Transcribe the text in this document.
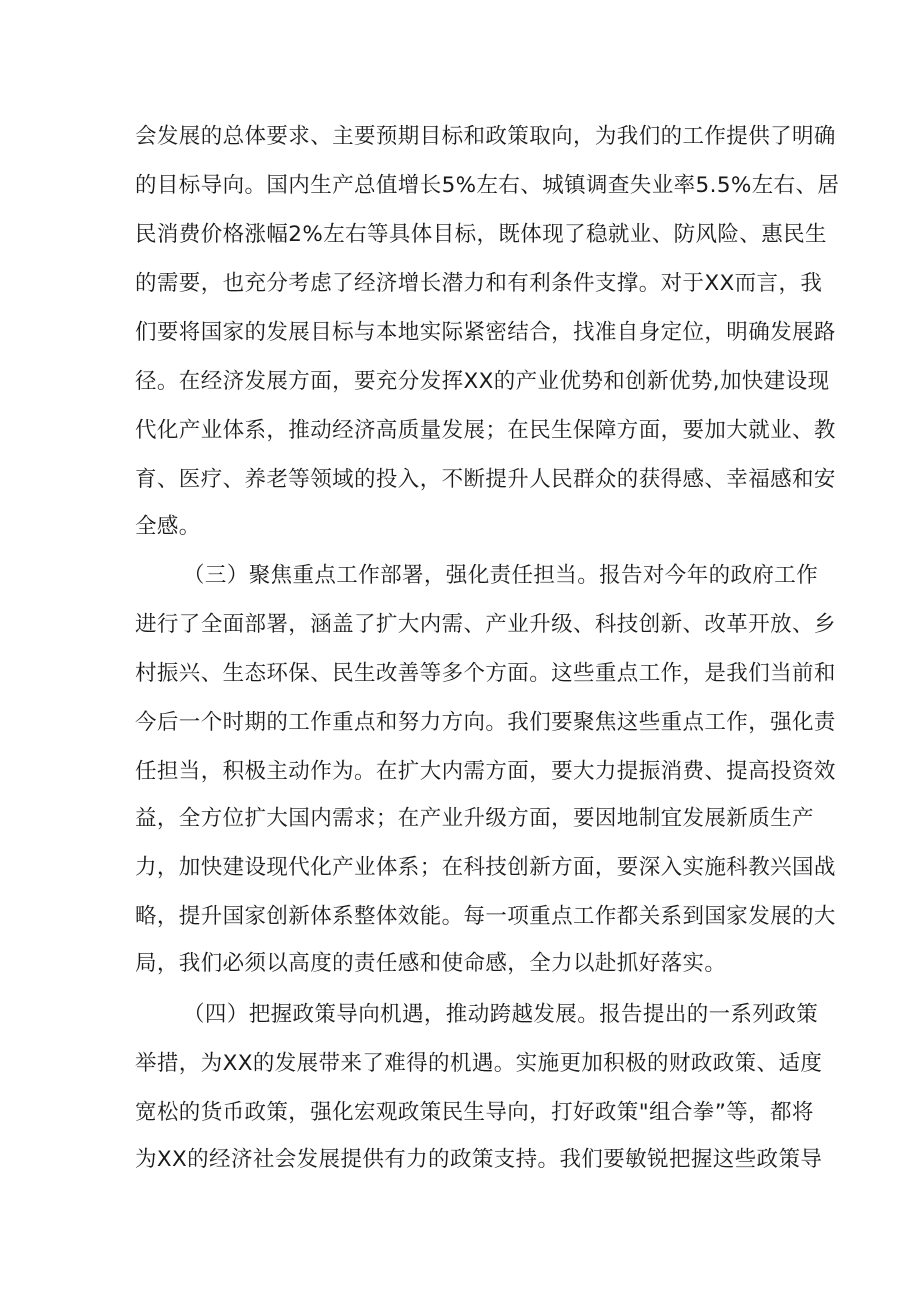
会发展的总体要求、主要预期目标和政策取向，为我们的工作提供了明确
的目标导向。国内生产总值增长5%左右、城镇调查失业率5.5%左右、居
民消费价格涨幅2%左右等具体目标，既体现了稳就业、防风险、惠民生
的需要，也充分考虑了经济增长潜力和有利条件支撑。对于XX而言，我
们要将国家的发展目标与本地实际紧密结合，找准自身定位，明确发展路
径。在经济发展方面，要充分发挥XX的产业优势和创新优势,加快建设现
代化产业体系，推动经济高质量发展；在民生保障方面，要加大就业、教
育、医疗、养老等领域的投入，不断提升人民群众的获得感、幸福感和安
全感。
（三）聚焦重点工作部署，强化责任担当。报告对今年的政府工作
进行了全面部署，涵盖了扩大内需、产业升级、科技创新、改革开放、乡
村振兴、生态环保、民生改善等多个方面。这些重点工作，是我们当前和
今后一个时期的工作重点和努力方向。我们要聚焦这些重点工作，强化责
任担当，积极主动作为。在扩大内需方面，要大力提振消费、提高投资效
益，全方位扩大国内需求；在产业升级方面，要因地制宜发展新质生产
力，加快建设现代化产业体系；在科技创新方面，要深入实施科教兴国战
略，提升国家创新体系整体效能。每一项重点工作都关系到国家发展的大
局，我们必须以高度的责任感和使命感，全力以赴抓好落实。
（四）把握政策导向机遇，推动跨越发展。报告提出的一系列政策
举措，为XX的发展带来了难得的机遇。实施更加积极的财政政策、适度
宽松的货币政策，强化宏观政策民生导向，打好政策"组合拳”等，都将
为XX的经济社会发展提供有力的政策支持。我们要敏锐把握这些政策导
